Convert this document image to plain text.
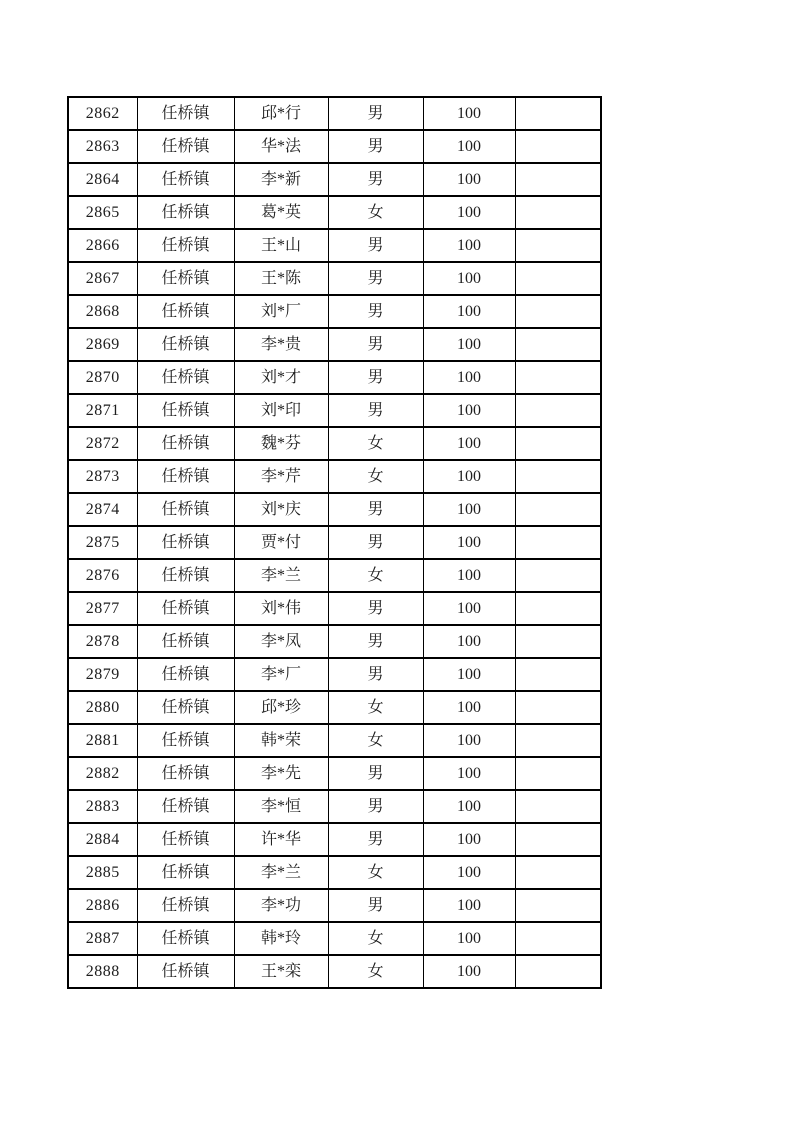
2862	任桥镇	邱*行	男	100	
2863	任桥镇	华*法	男	100	
2864	任桥镇	李*新	男	100	
2865	任桥镇	葛*英	女	100	
2866	任桥镇	王*山	男	100	
2867	任桥镇	王*陈	男	100	
2868	任桥镇	刘*厂	男	100	
2869	任桥镇	李*贵	男	100	
2870	任桥镇	刘*才	男	100	
2871	任桥镇	刘*印	男	100	
2872	任桥镇	魏*芬	女	100	
2873	任桥镇	李*芹	女	100	
2874	任桥镇	刘*庆	男	100	
2875	任桥镇	贾*付	男	100	
2876	任桥镇	李*兰	女	100	
2877	任桥镇	刘*伟	男	100	
2878	任桥镇	李*凤	男	100	
2879	任桥镇	李*厂	男	100	
2880	任桥镇	邱*珍	女	100	
2881	任桥镇	韩*荣	女	100	
2882	任桥镇	李*先	男	100	
2883	任桥镇	李*恒	男	100	
2884	任桥镇	许*华	男	100	
2885	任桥镇	李*兰	女	100	
2886	任桥镇	李*功	男	100	
2887	任桥镇	韩*玲	女	100	
2888	任桥镇	王*栾	女	100	
